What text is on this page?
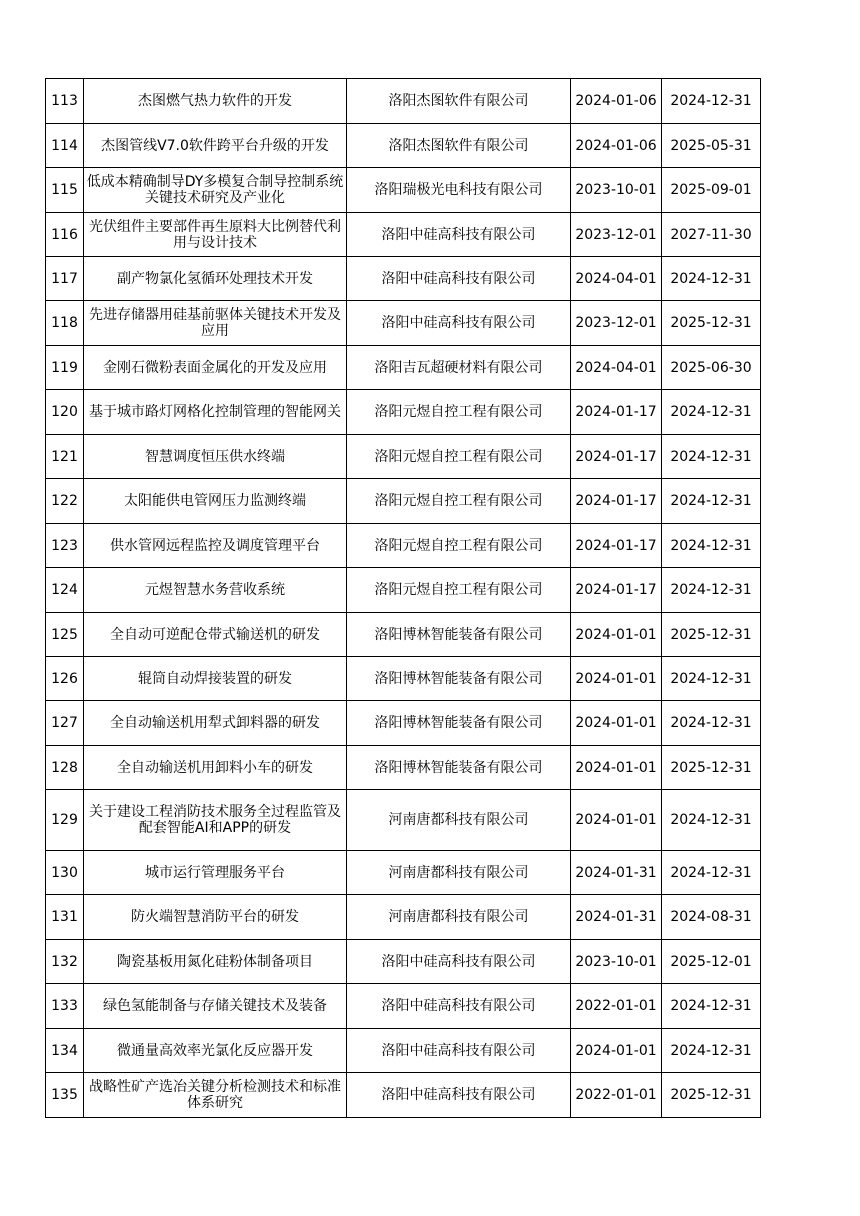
113	杰图燃气热力软件的开发	洛阳杰图软件有限公司	2024-01-06	2024-12-31
114	杰图管线V7.0软件跨平台升级的开发	洛阳杰图软件有限公司	2024-01-06	2025-05-31
115	低成本精确制导DY多模复合制导控制系统关键技术研究及产业化	洛阳瑞极光电科技有限公司	2023-10-01	2025-09-01
116	光伏组件主要部件再生原料大比例替代利用与设计技术	洛阳中硅高科技有限公司	2023-12-01	2027-11-30
117	副产物氯化氢循环处理技术开发	洛阳中硅高科技有限公司	2024-04-01	2024-12-31
118	先进存储器用硅基前驱体关键技术开发及应用	洛阳中硅高科技有限公司	2023-12-01	2025-12-31
119	金刚石微粉表面金属化的开发及应用	洛阳吉瓦超硬材料有限公司	2024-04-01	2025-06-30
120	基于城市路灯网格化控制管理的智能网关	洛阳元煜自控工程有限公司	2024-01-17	2024-12-31
121	智慧调度恒压供水终端	洛阳元煜自控工程有限公司	2024-01-17	2024-12-31
122	太阳能供电管网压力监测终端	洛阳元煜自控工程有限公司	2024-01-17	2024-12-31
123	供水管网远程监控及调度管理平台	洛阳元煜自控工程有限公司	2024-01-17	2024-12-31
124	元煜智慧水务营收系统	洛阳元煜自控工程有限公司	2024-01-17	2024-12-31
125	全自动可逆配仓带式输送机的研发	洛阳博林智能装备有限公司	2024-01-01	2025-12-31
126	辊筒自动焊接装置的研发	洛阳博林智能装备有限公司	2024-01-01	2024-12-31
127	全自动输送机用犁式卸料器的研发	洛阳博林智能装备有限公司	2024-01-01	2024-12-31
128	全自动输送机用卸料小车的研发	洛阳博林智能装备有限公司	2024-01-01	2025-12-31
129	关于建设工程消防技术服务全过程监管及配套智能AI和APP的研发	河南唐都科技有限公司	2024-01-01	2024-12-31
130	城市运行管理服务平台	河南唐都科技有限公司	2024-01-31	2024-12-31
131	防火端智慧消防平台的研发	河南唐都科技有限公司	2024-01-31	2024-08-31
132	陶瓷基板用氮化硅粉体制备项目	洛阳中硅高科技有限公司	2023-10-01	2025-12-01
133	绿色氢能制备与存储关键技术及装备	洛阳中硅高科技有限公司	2022-01-01	2024-12-31
134	微通量高效率光氯化反应器开发	洛阳中硅高科技有限公司	2024-01-01	2024-12-31
135	战略性矿产选冶关键分析检测技术和标准体系研究	洛阳中硅高科技有限公司	2022-01-01	2025-12-31
